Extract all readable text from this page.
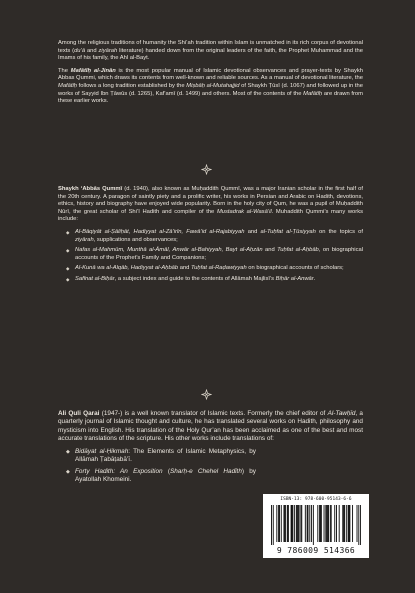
Among the religious traditions of humanity the Shi‘ah tradition within Islam is unmatched in its rich corpus of devotional texts (du‘ā and ziyārah literature) handed down from the original leaders of the faith, the Prophet Muhammad and the Imams of his family, the Ahl al-Bayt.

The Mafātīḥ al-Jinān is the most popular manual of Islamic devotional observances and prayer-texts by Shaykh Abbas Qummi, which draws its contents from well-known and reliable sources. As a manual of devotional literature, the Mafātīḥ follows a long tradition established by the Miṣbāḥ al-Mutahajjid of Shaykh Ṭūsī (d. 1067) and followed up in the works of Sayyid Ibn Ṭāwūs (d. 1265), Kaf‘amī (d. 1499) and others. Most of the contents of the Mafātīḥ are drawn from these earlier works.

Shaykh ‘Abbās Qummī (d. 1940), also known as Muḥaddith Qummī, was a major Iranian scholar in the first half of the 20th century. A paragon of saintly piety and a prolific writer, his works in Persian and Arabic on Hadith, devotions, ethics, history and biography have enjoyed wide popularity. Born in the holy city of Qum, he was a pupil of Muḥaddith Nūrī, the great scholar of Shi‘ī Hadith and compiler of the Mustadrak al-Wasā’il. Muhaddith Qummi’s many works include:

◆ Al-Bāqiyāt al-Ṣāliḥāt, Hadiyyat al-Zā’irīn, Fawā’id al-Rajabiyyah and al-Tuḥfat al-Ṭūsiyyah on the topics of ziyārah, supplications and observances;
◆ Nafas al-Mahmūm, Munthā al-Āmāl, Anwār al-Bahiyyah, Bayt al-Aḥzān and Tuḥfat al-Aḥbāb, on biographical accounts of the Prophet’s Family and Companions;
◆ Al-Kunā wa al-Alqāb, Hadiyyat al-Aḥbāb and Tuḥfat al-Raḍawiyyah on biographical accounts of scholars;
◆ Safīnat al-Biḥār, a subject index and guide to the contents of Allāmah Majlisī’s Biḥār al-Anwār.

Ali Quli Qarai (1947-) is a well known translator of Islamic texts. Formerly the chief editor of Al-Tawḥīd, a quarterly journal of Islamic thought and culture, he has translated several works on Hadith, philosophy and mysticism into English. His translation of the Holy Qur’an has been acclaimed as one of the best and most accurate translations of the scripture. His other works include translations of:

◆ Bidāyat al-Ḥikmah: The Elements of Islamic Metaphysics, by Allāmah Ṭabāṭabā’ī.
◆ Forty Hadith: An Exposition (Sharḥ-e Chehel Hadīth) by Ayatollah Khomeini.
ISBN-13: 978-600-95143-6-6
9 786009 514366
